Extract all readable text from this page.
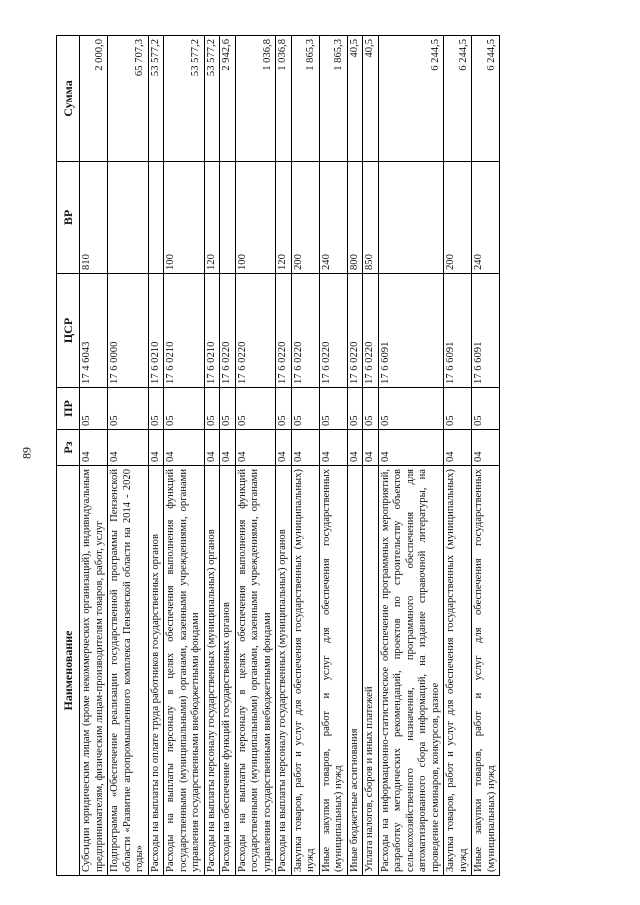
89
Наименование	Рз	ПР	ЦСР	ВР	Сумма
Субсидии юридическим лицам (кроме некоммерческих организаций), индивидуальным предпринимателям, физическим лицам-производителям товаров, работ, услуг	04	05	17 4 6043	810	2 000,0
Подпрограмма «Обеспечение реализации государственной программы Пензенской области «Развитие агропромышленного комплекса Пензенской области на 2014 - 2020 годы»	04	05	17 6 0000		65 707,3
Расходы на выплаты по оплате труда работников государственных органов	04	05	17 6 0210		53 577,2
Расходы на выплаты персоналу в целях обеспечения выполнения функций государственными (муниципальными) органами, казенными учреждениями, органами управления государственными внебюджетными фондами	04	05	17 6 0210	100	53 577,2
Расходы на выплаты персоналу государственных (муниципальных) органов	04	05	17 6 0210	120	53 577,2
Расходы на обеспечение функций государственных органов	04	05	17 6 0220		2 942,6
Расходы на выплаты персоналу в целях обеспечения выполнения функций государственными (муниципальными) органами, казенными учреждениями, органами управления государственными внебюджетными фондами	04	05	17 6 0220	100	1 036,8
Расходы на выплаты персоналу государственных (муниципальных) органов	04	05	17 6 0220	120	1 036,8
Закупка товаров, работ и услуг для обеспечения государственных (муниципальных) нужд	04	05	17 6 0220	200	1 865,3
Иные закупки товаров, работ и услуг для обеспечения государственных (муниципальных) нужд	04	05	17 6 0220	240	1 865,3
Иные бюджетные ассигнования	04	05	17 6 0220	800	40,5
Уплата налогов, сборов и иных платежей	04	05	17 6 0220	850	40,5
Расходы на информационно-статистическое обеспечение программных мероприятий, разработку методических рекомендаций, проектов по строительству объектов сельскохозяйственного назначения, программного обеспечения для автоматизированного сбора информаций, на издание справочной литературы, на проведение семинаров, конкурсов, разное	04	05	17 6 6091		6 244,5
Закупка товаров, работ и услуг для обеспечения государственных (муниципальных) нужд	04	05	17 6 6091	200	6 244,5
Иные закупки товаров, работ и услуг для обеспечения государственных (муниципальных) нужд	04	05	17 6 6091	240	6 244,5
